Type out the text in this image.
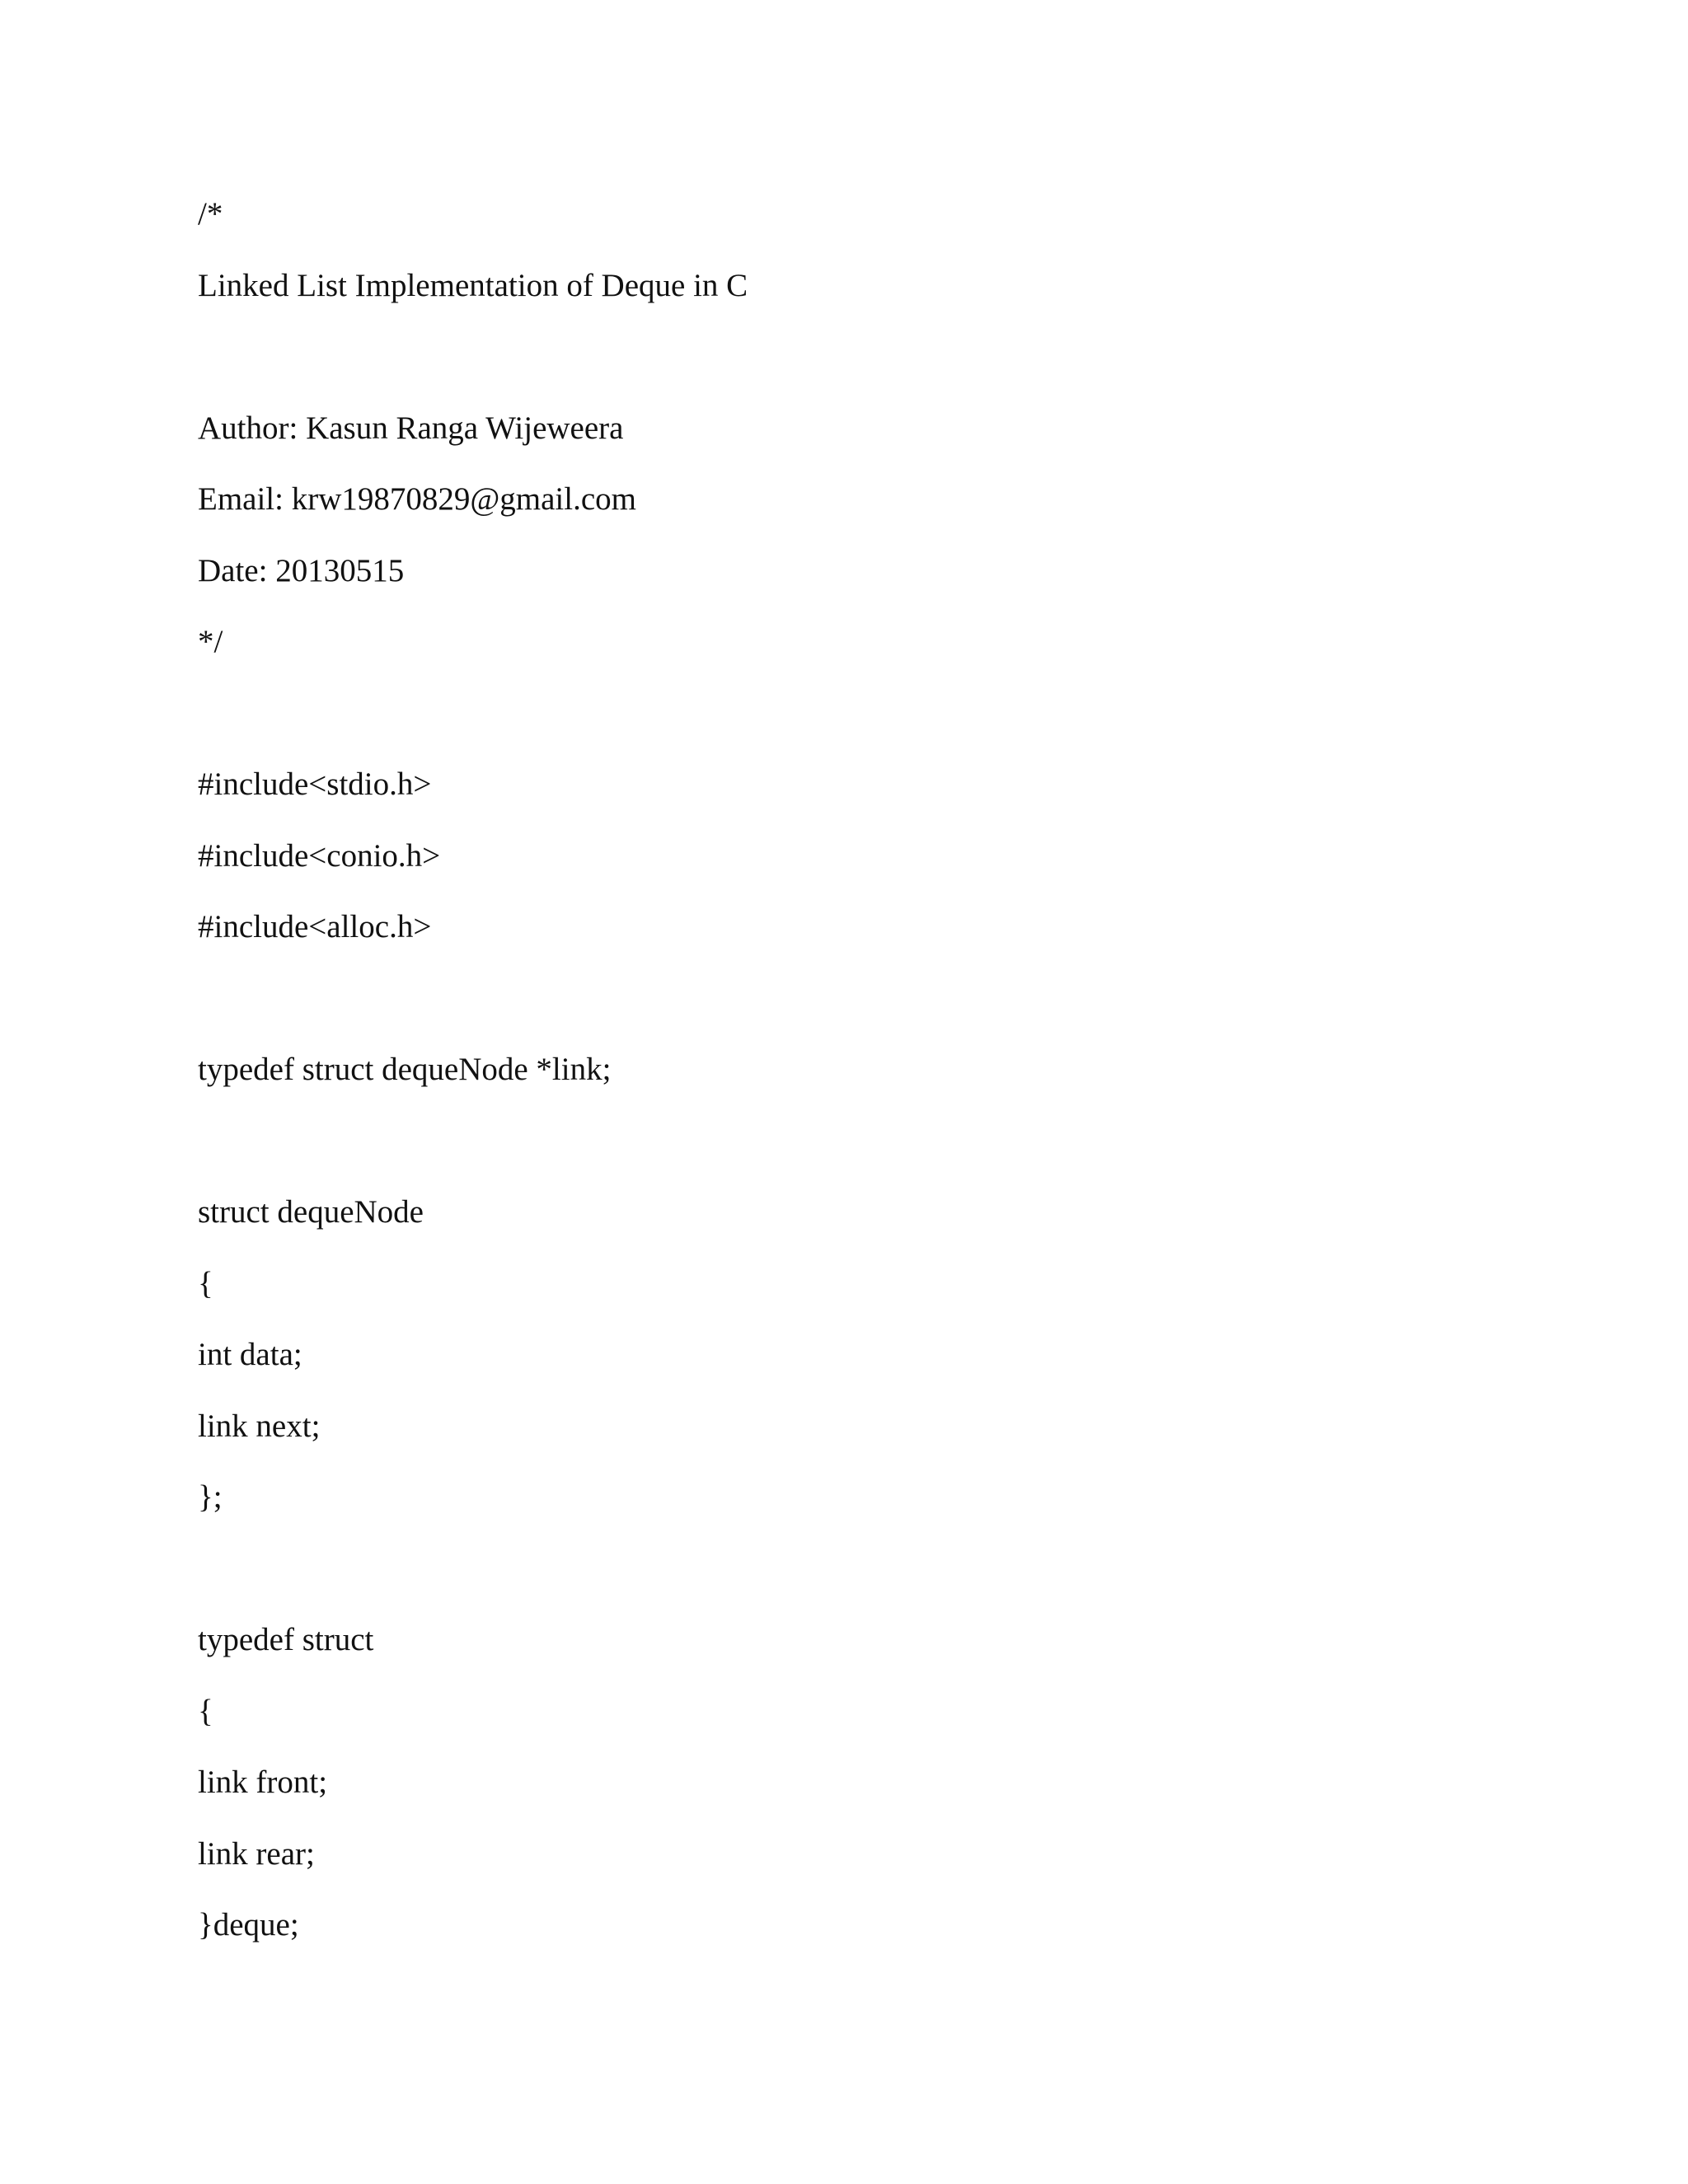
/*

Linked List Implementation of Deque in C

Author: Kasun Ranga Wijeweera

Email: krw19870829@gmail.com

Date: 20130515

*/

#include<stdio.h>

#include<conio.h>

#include<alloc.h>

typedef struct dequeNode *link;

struct dequeNode

{

int data;

link next;

};

typedef struct

{

link front;

link rear;

}deque;
